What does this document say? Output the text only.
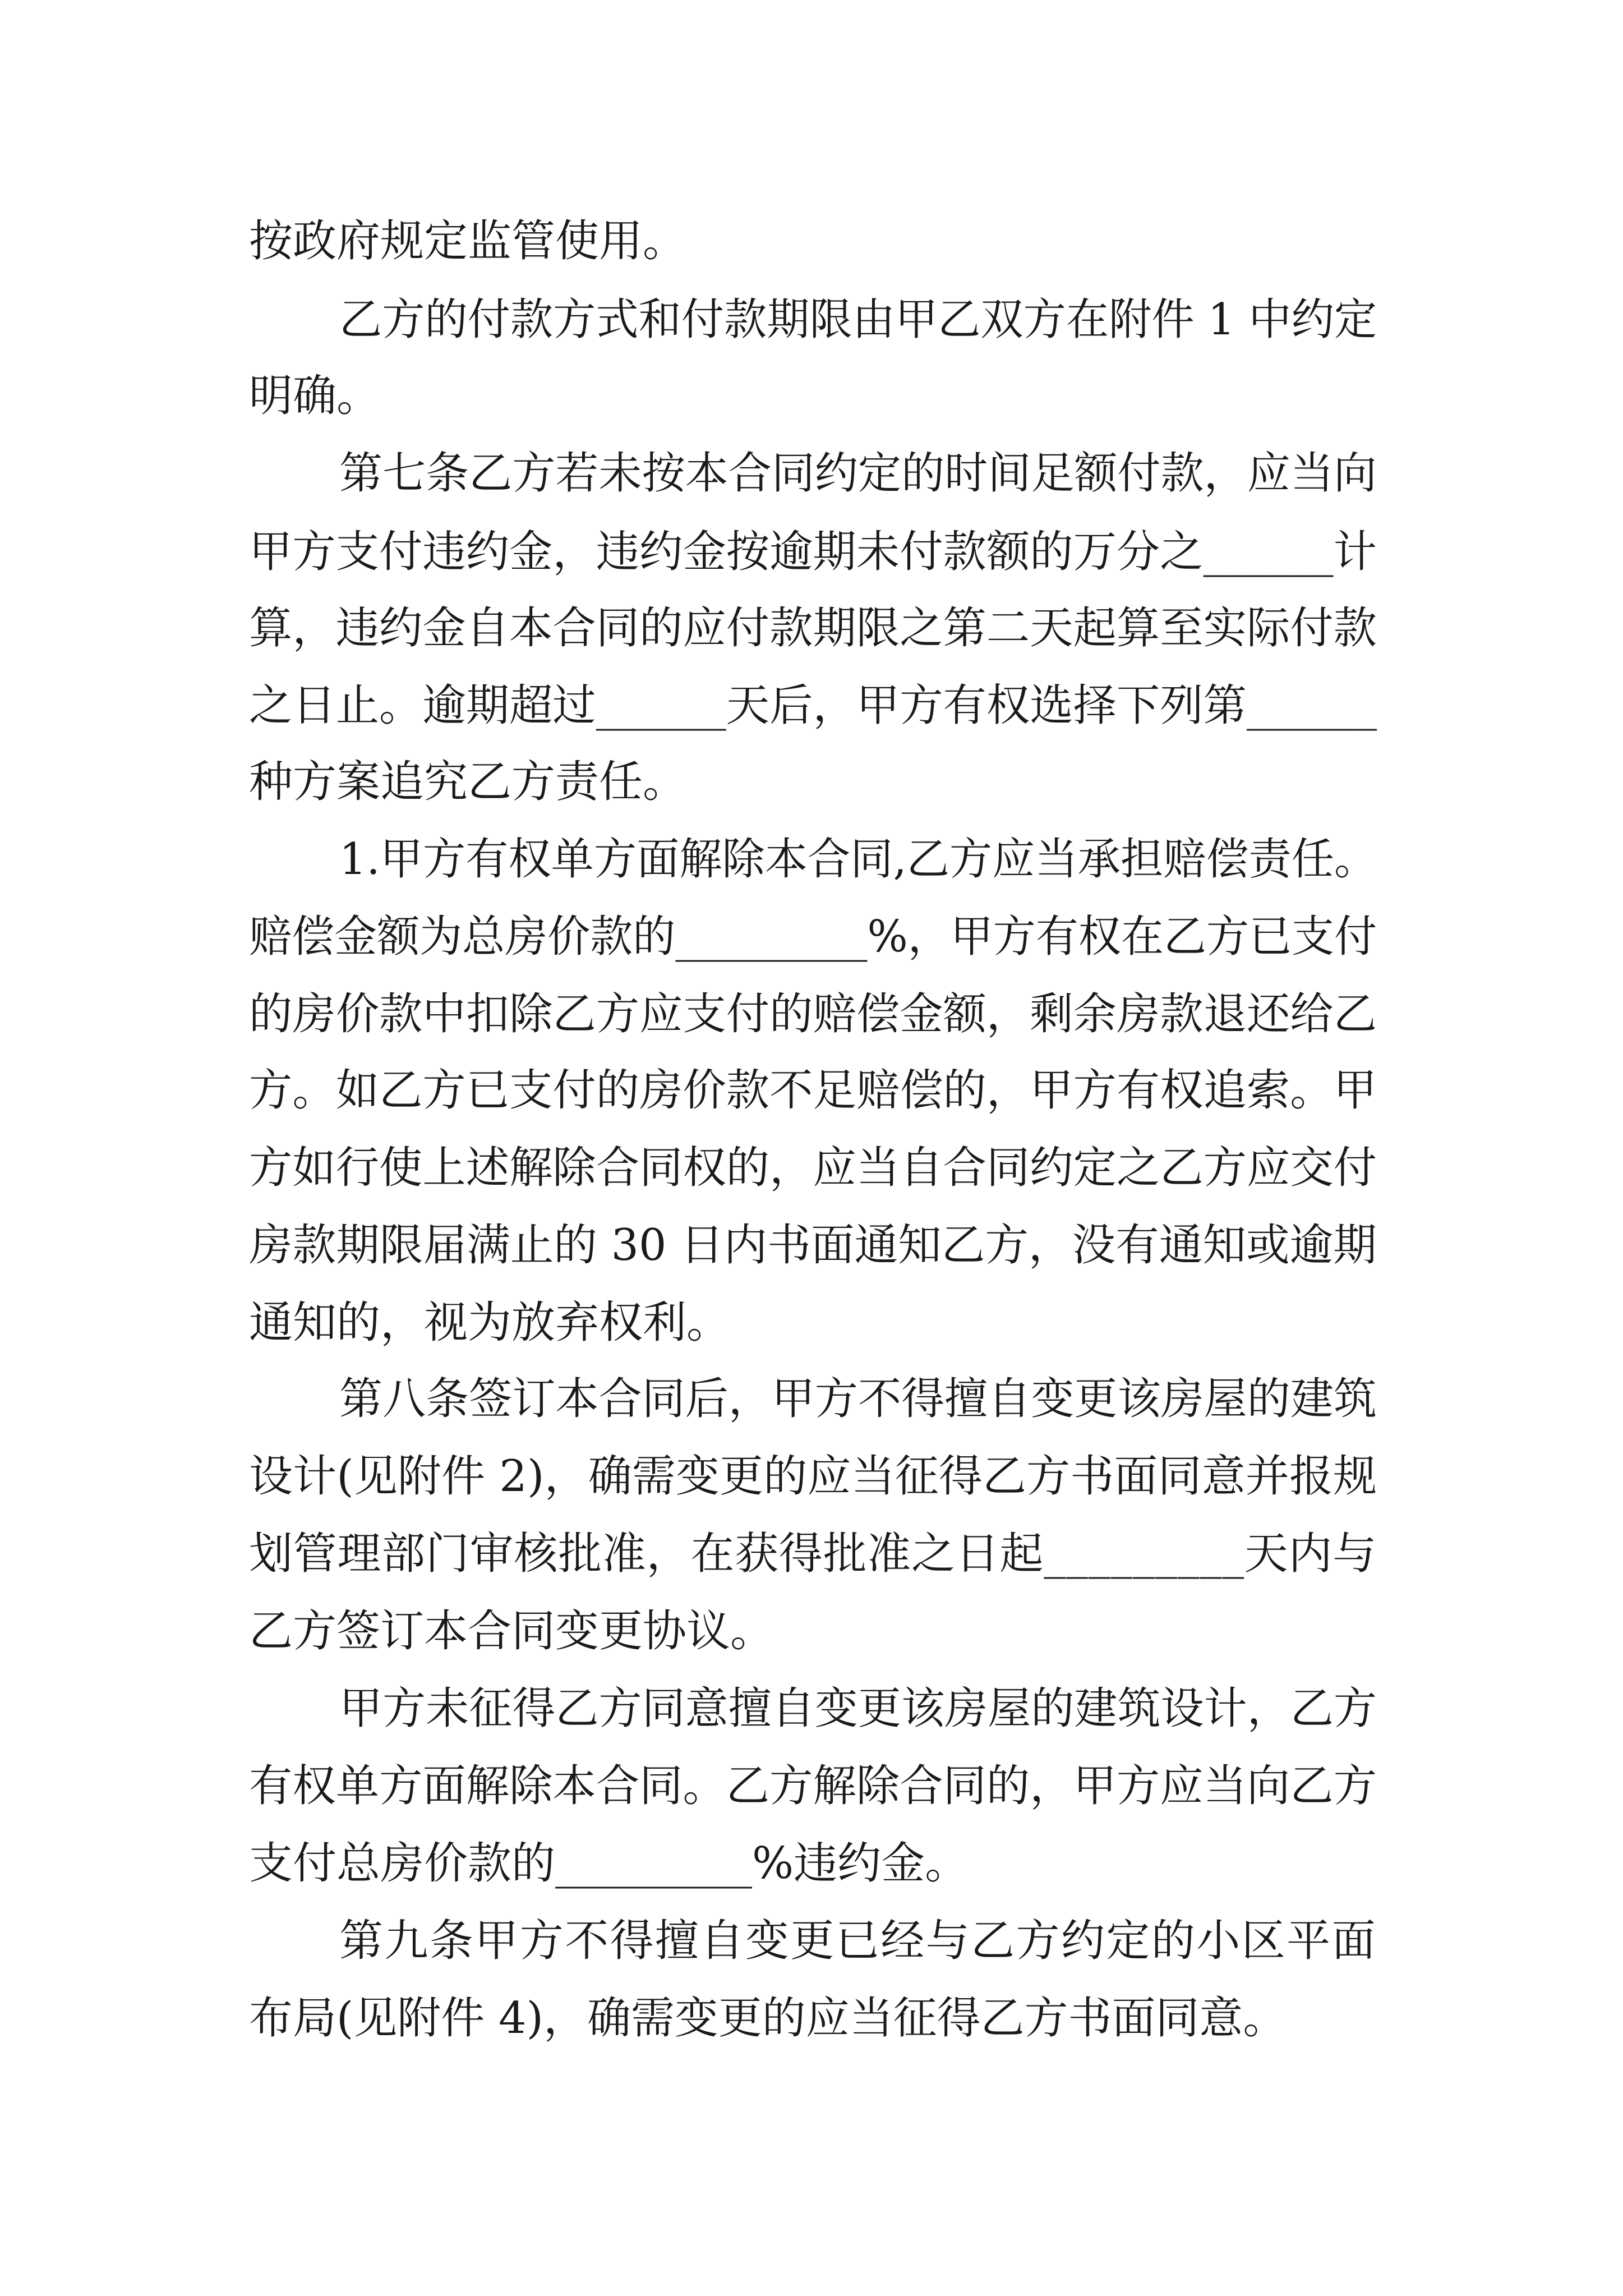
按政府规定监管使用。
乙方的付款方式和付款期限由甲乙双方在附件 1 中约定
明确。
第七条乙方若未按本合同约定的时间足额付款，应当向
甲方支付违约金，违约金按逾期未付款额的万分之______计
算，违约金自本合同的应付款期限之第二天起算至实际付款
之日止。逾期超过______天后，甲方有权选择下列第______
种方案追究乙方责任。
1.甲方有权单方面解除本合同,乙方应当承担赔偿责任。
赔偿金额为总房价款的_________%，甲方有权在乙方已支付
的房价款中扣除乙方应支付的赔偿金额，剩余房款退还给乙
方。如乙方已支付的房价款不足赔偿的，甲方有权追索。甲
方如行使上述解除合同权的，应当自合同约定之乙方应交付
房款期限届满止的 30 日内书面通知乙方，没有通知或逾期
通知的，视为放弃权利。
第八条签订本合同后，甲方不得擅自变更该房屋的建筑
设计(见附件 2)，确需变更的应当征得乙方书面同意并报规
划管理部门审核批准，在获得批准之日起_________天内与
乙方签订本合同变更协议。
甲方未征得乙方同意擅自变更该房屋的建筑设计，乙方
有权单方面解除本合同。乙方解除合同的，甲方应当向乙方
支付总房价款的_________%违约金。
第九条甲方不得擅自变更已经与乙方约定的小区平面
布局(见附件 4)，确需变更的应当征得乙方书面同意。
